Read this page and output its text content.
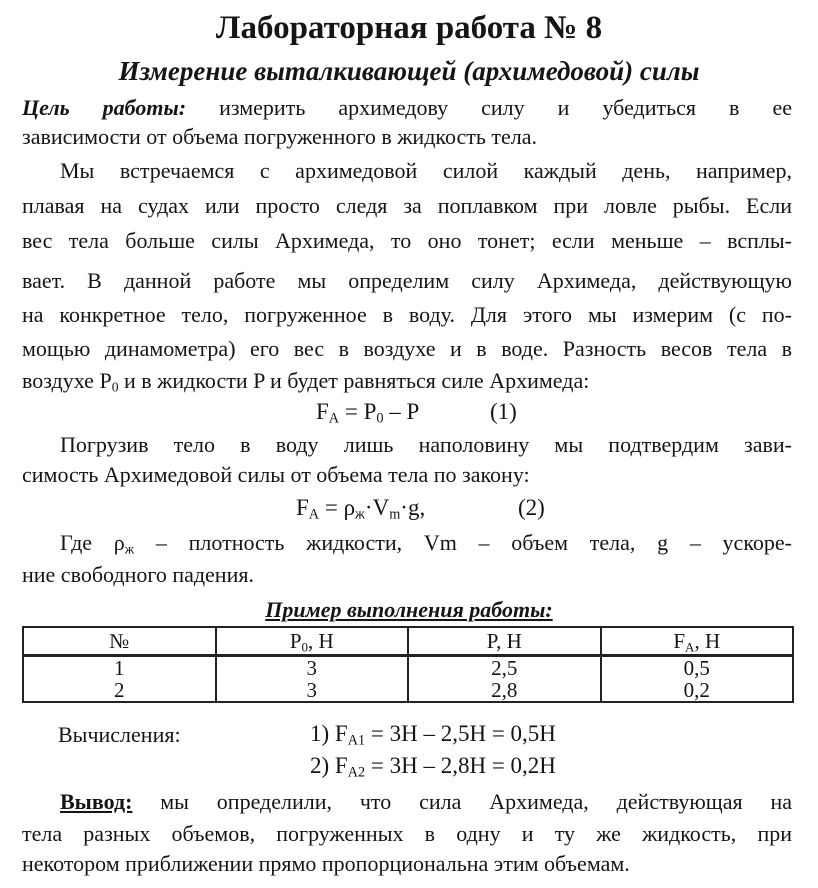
Лабораторная работа № 8
Измерение выталкивающей (архимедовой) силы
Цель работы: измерить архимедову силу и убедиться в ее
зависимости от объема погруженного в жидкость тела.
Мы встречаемся с архимедовой силой каждый день, например,
плавая на судах или просто следя за поплавком при ловле рыбы. Если
вес тела больше силы Архимеда, то оно тонет; если меньше – всплы-
вает. В данной работе мы определим силу Архимеда, действующую
на конкретное тело, погруженное в воду. Для этого мы измерим (с по-
мощью динамометра) его вес в воздухе и в воде. Разность весов тела в
воздухе $P_0$ и в жидкости P и будет равняться силе Архимеда:
$F_A = P_0 - P$	(1)
Погрузив тело в воду лишь наполовину мы подтвердим зави-
симость Архимедовой силы от объема тела по закону:
$F_A = \rho_ж\cdot V_m\cdot g$,	(2)
Где $\rho_ж$ – плотность жидкости, Vm – объем тела, g – ускоре-
ние свободного падения.
Пример выполнения работы:
№	$P_0$, Н	P, Н	$F_A$, Н
1	3	2,5	0,5
2	3	2,8	0,2
Вычисления:	1) $F_{A1} = 3Н - 2,5Н = 0,5Н$
2) $F_{A2} = 3Н - 2,8Н = 0,2Н$
Вывод: мы определили, что сила Архимеда, действующая на
тела разных объемов, погруженных в одну и ту же жидкость, при
некотором приближении прямо пропорциональна этим объемам.
